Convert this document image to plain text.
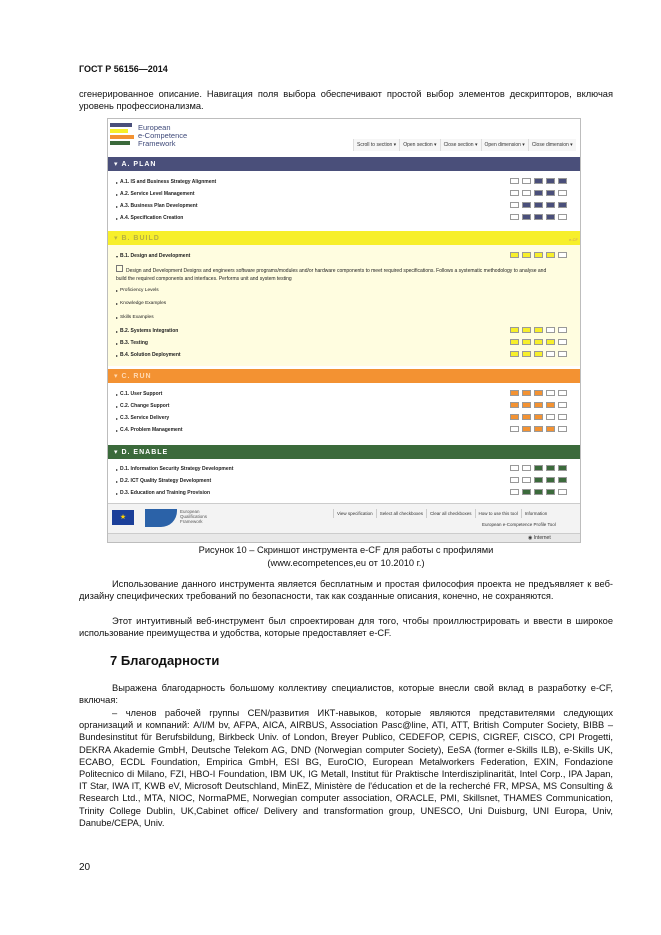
ГОСТ Р 56156—2014
сгенерированное описание. Навигация поля выбора обеспечивают простой выбор элементов дескрипторов, включая уровень профессионализма.
European
e-Competence
Framework	Scroll to section ▾	Open section ▾	Close section ▾	Open dimension ▾	Close dimension ▾
▾ A. PLAN
▸ A.1. IS and Business Strategy Alignment
▸ A.2. Service Level Management
▸ A.3. Business Plan Development
▸ A.4. Specification Creation
▾ B. BUILD	e-CF
▾ B.1. Design and Development
Design and Development Designs and engineers software programs/modules and/or hardware components to meet required specifications. Follows a systematic methodology to analyse and build the required components and interfaces. Performs unit and system testing
▸ Proficiency Levels
▸ Knowledge Examples
▸ Skills Examples
▸ B.2. Systems Integration
▸ B.3. Testing
▸ B.4. Solution Deployment
▾ C. RUN
▸ C.1. User Support
▸ C.2. Change Support
▸ C.3. Service Delivery
▸ C.4. Problem Management
▾ D. ENABLE
▸ D.1. Information Security Strategy Development
▸ D.2. ICT Quality Strategy Development
▸ D.3. Education and Training Provision
★
European
Qualifications
Framework
View specification	Select all checkboxes	Clear all checkboxes	How to use this tool	Information
European e-Competence Profile Tool
◉ Internet
Рисунок 10 – Скриншот инструмента e-CF для работы с профилями
(www.ecompetences,eu от 10.2010 г.)
Использование данного инструмента является бесплатным и простая философия проекта не предъявляет к веб-дизайну специфических требований по безопасности, так как созданные описания, конечно, не сохраняются.
Этот интуитивный веб-инструмент был спроектирован для того, чтобы проиллюстрировать и ввести в широкое использование преимущества и удобства, которые предоставляет e-CF.
7 Благодарности
Выражена благодарность большому коллективу специалистов, которые внесли свой вклад в разработку e-CF, включая:
– членов рабочей группы CEN/развития ИКТ-навыков, которые являются представителями следующих организаций и компаний: A/I/M bv, AFPA, AICA, AIRBUS, Association Pasc@line, ATI, ATT, British Computer Society, BIBB – Bundesinstitut für Berufsbildung, Birkbeck Univ. of London, Breyer Publico, CEDEFOP, CEPIS, CIGREF, CISCO, CPI Progetti, DEKRA Akademie GmbH, Deutsche Telekom AG, DND (Norwegian computer Society), EeSA (former e-Skills ILB), e-Skills UK, ECABO, ECDL Foundation, Empirica GmbH, ESI BG, EuroCIO, European Metalworkers Federation, EXIN, Fondazione Politecnico di Milano, FZI, HBO-I Foundation, IBM UK, IG Metall, Institut für Praktische Interdisziplinarität, Intel Corp., IPA Japan, IT Star, IWA IT, KWB eV, Microsoft Deutschland, MinEZ, Ministère de l'éducation et de la recherché FR, MPSA, MS Consulting & Research Ltd., MTA, NIOC, NormaPME, Norwegian computer association, ORACLE, PMI, Skillsnet, THAMES Communication, Trinity College Dublin, UK,Cabinet office/ Delivery and transformation group, UNESCO, Uni Duisburg, UNI Europa, Univ, Danube/CEPA, Univ.
20
